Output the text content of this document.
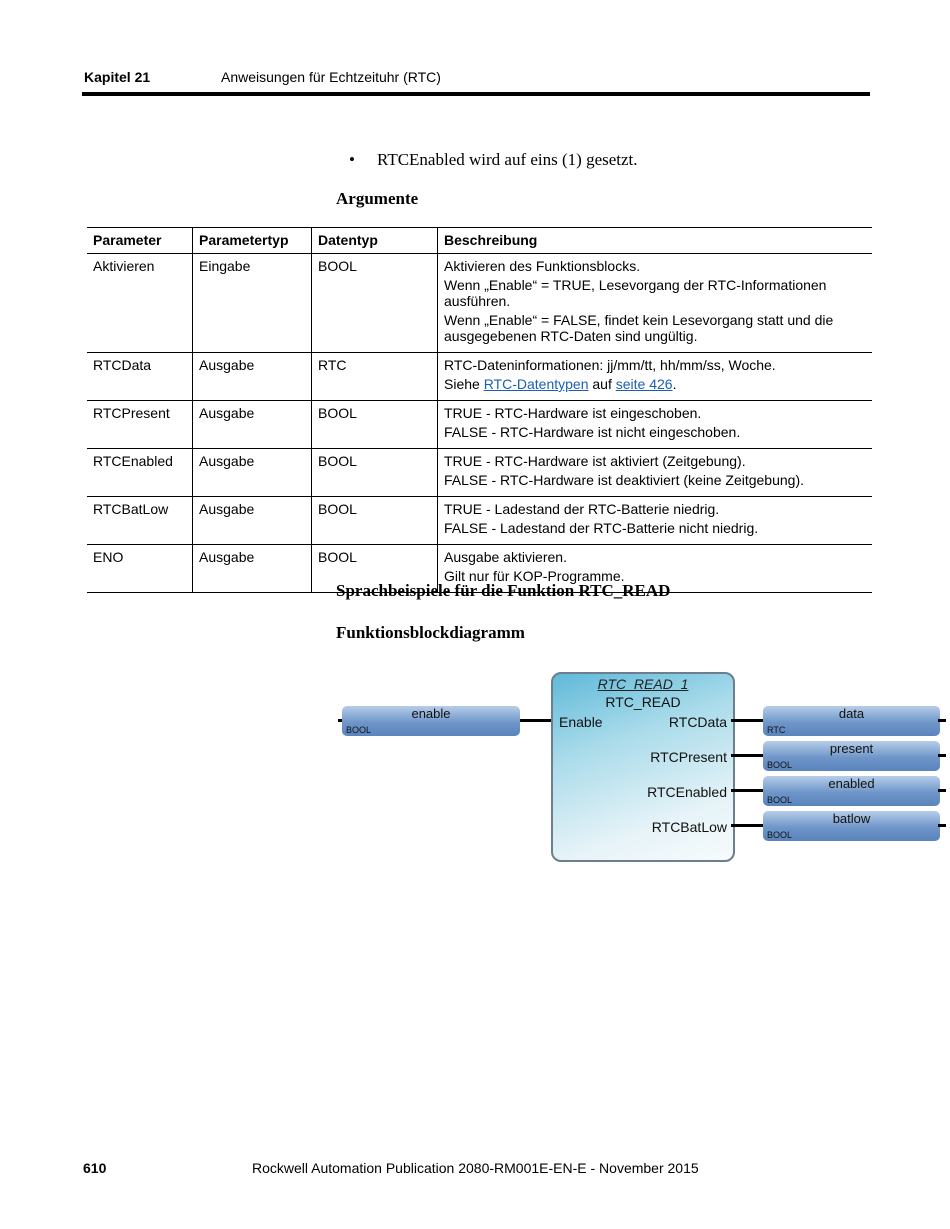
Kapitel 21	Anweisungen für Echtzeituhr (RTC)
• RTCEnabled wird auf eins (1) gesetzt.
Argumente
Parameter	Parametertyp	Datentyp	Beschreibung
Aktivieren	Eingabe	BOOL	Aktivieren des Funktionsblocks.

Wenn „Enable“ = TRUE, Lesevorgang der RTC-Informationen ausführen.

Wenn „Enable“ = FALSE, findet kein Lesevorgang statt und die ausgegebenen RTC-Daten sind ungültig.

RTCData	Ausgabe	RTC	RTC-Dateninformationen: jj/mm/tt, hh/mm/ss, Woche.

Siehe RTC-Datentypen auf seite 426.

RTCPresent	Ausgabe	BOOL	TRUE - RTC-Hardware ist eingeschoben.

FALSE - RTC-Hardware ist nicht eingeschoben.

RTCEnabled	Ausgabe	BOOL	TRUE - RTC-Hardware ist aktiviert (Zeitgebung).

FALSE - RTC-Hardware ist deaktiviert (keine Zeitgebung).

RTCBatLow	Ausgabe	BOOL	TRUE - Ladestand der RTC-Batterie niedrig.

FALSE - Ladestand der RTC-Batterie nicht niedrig.

ENO	Ausgabe	BOOL	Ausgabe aktivieren.

Gilt nur für KOP-Programme.

Sprachbeispiele für die Funktion RTC_READ
Funktionsblockdiagramm
enable
BOOL
RTC_READ_1
RTC_READ
Enable	RTCData
RTCPresent
RTCEnabled
RTCBatLow
data
RTC
present
BOOL
enabled
BOOL
batlow
BOOL
610	Rockwell Automation Publication 2080-RM001E-EN-E - November 2015
